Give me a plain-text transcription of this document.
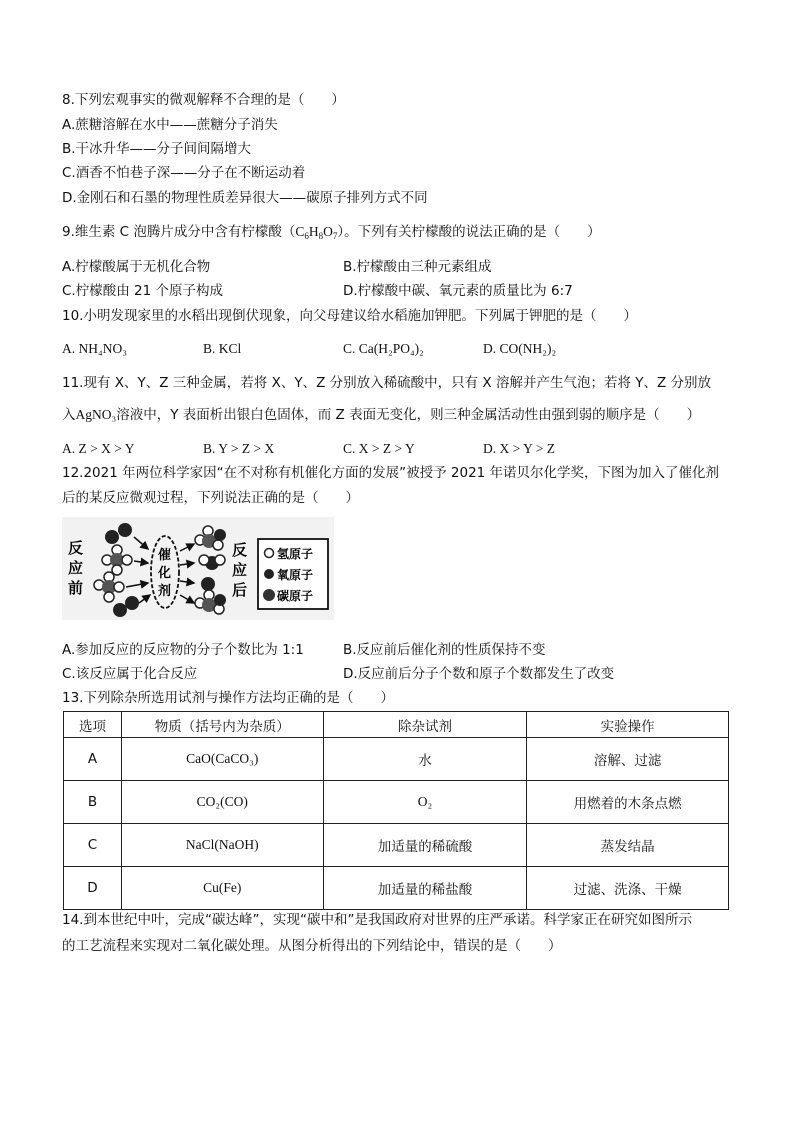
8.下列宏观事实的微观解释不合理的是（　　）
A.蔗糖溶解在水中——蔗糖分子消失
B.干冰升华——分子间间隔增大
C.酒香不怕巷子深——分子在不断运动着
D.金刚石和石墨的物理性质差异很大——碳原子排列方式不同
9.维生素 C 泡腾片成分中含有柠檬酸$(C_6H_8O_7)$。下列有关柠檬酸的说法正确的是（　　）
A.柠檬酸属于无机化合物	B.柠檬酸由三种元素组成
C.柠檬酸由 21 个原子构成	D.柠檬酸中碳、氧元素的质量比为 6:7
10.小明发现家里的水稻出现倒伏现象，向父母建议给水稻施加钾肥。下列属于钾肥的是（　　）
A. NH₄NO₃	B. KCl	C. Ca(H₂PO₄)₂	D. CO(NH₂)₂
11.现有 X、Y、Z 三种金属，若将 X、Y、Z 分别放入稀硫酸中，只有 X 溶解并产生气泡；若将 Y、Z 分别放
入AgNO₃溶液中，Y 表面析出银白色固体，而 Z 表面无变化，则三种金属活动性由强到弱的顺序是（　　）
A. Z > X > Y	B. Y > Z > X	C. X > Z > Y	D. X > Y > Z
12.2021 年两位科学家因“在不对称有机催化方面的发展”被授予 2021 年诺贝尔化学奖，下图为加入了催化剂
后的某反应微观过程，下列说法正确的是（　　）
反
应
前
催
化
剂
反
应
后
氢原子
氧原子
碳原子
A.参加反应的反应物的分子个数比为 1:1	B.反应前后催化剂的性质保持不变
C.该反应属于化合反应	D.反应前后分子个数和原子个数都发生了改变
13.下列除杂所选用试剂与操作方法均正确的是（　　）
选项	物质（括号内为杂质）	除杂试剂	实验操作
A	CaO(CaCO₃)	水	溶解、过滤
B	CO₂(CO)	O₂	用燃着的木条点燃
C	NaCl(NaOH)	加适量的稀硫酸	蒸发结晶
D	Cu(Fe)	加适量的稀盐酸	过滤、洗涤、干燥
14.到本世纪中叶，完成“碳达峰”，实现“碳中和”是我国政府对世界的庄严承诺。科学家正在研究如图所示
的工艺流程来实现对二氧化碳处理。从图分析得出的下列结论中，错误的是（　　）
